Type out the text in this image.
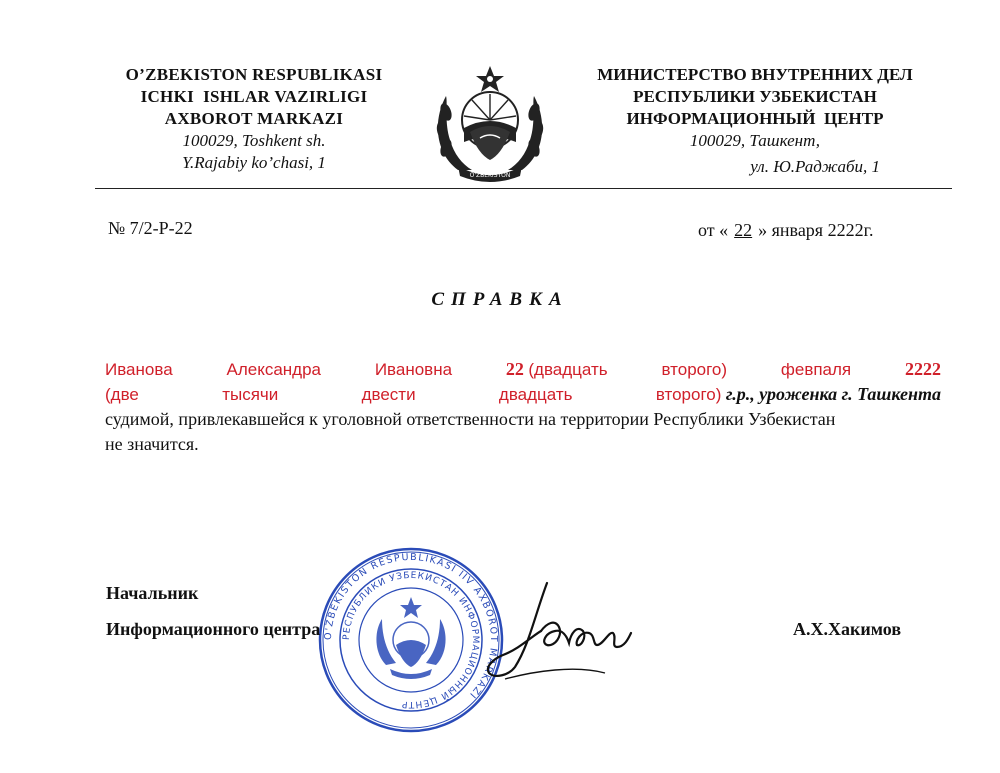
O’ZBEKISTON RESPUBLIKASI
ICHKI  ISHLAR VAZIRLIGI
AXBOROT MARKAZI
100029, Toshkent sh.
Y.Rajabiy ko’chasi, 1
O'ZBEKISTON
МИНИСТЕРСТВО ВНУТРЕННИХ ДЕЛ
РЕСПУБЛИКИ УЗБЕКИСТАН
ИНФОРМАЦИОННЫЙ  ЦЕНТР
100029, Ташкент,
ул. Ю.Раджаби, 1
№ 7/2-Р-22	от « 22 » января 2222г.
СПРАВКА
Иванова	Александра	Ивановна	22 (двадцать	второго)	февпаля	2222
(две	тысячи	двести	двадцать	второго) г.р., уроженка г. Ташкента
судимой, привлекавшейся к уголовной ответственности на территории Республики Узбекистан
не значится.
O'ZBEKISTON RESPUBLIKASI IIV AXBOROT MARKAZI
РЕСПУБЛИКИ УЗБЕКИСТАН ИНФОРМАЦИОННЫЙ ЦЕНТР
Начальник
Информационного центра	А.Х.Хакимов
